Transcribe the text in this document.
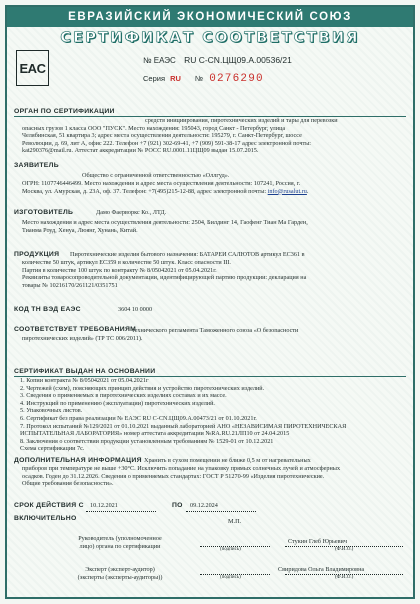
ЕВРАЗИЙСКИЙ ЭКОНОМИЧЕСКИЙ СОЮЗ
СЕРТИФИКАТ СООТВЕТСТВИЯ
EAC	№ ЕАЭС RU C-CN.ЦЩ09.А.00536/21
Серия RU № 0276290
ОРГАН ПО СЕРТИФИКАЦИИ

средств инициирования, пиротехнических изделий и тары для перевозки

опасных грузов 1 класса ООО "ПУСК". Место нахождения: 195043, город Санкт - Петербург, улица

Челябинская, 51 квартира 3; адрес места осуществления деятельности: 195279, г. Санкт-Петербург, шоссе

Революции, д. 69, лит А, офис 222. Телефон +7 (921) 302-69-41, +7 (909) 591-38-17 адрес электронной почты:

kat290376@mail.ru. Аттестат аккредитации № РОСС RU.0001.11ЦЩ09 выдан 15.07.2015.

ЗАЯВИТЕЛЬ

Общество с ограниченной ответственностью «Оллгуд».

ОГРН: 1107746446499. Место нахождения и адрес места осуществления деятельности: 107241, Россия, г.

Москва, ул. Амурская, д. 23А, оф. 37. Телефон: +7(495)215-12-88, адрес электронной почты: info@rusalut.ru.

ИЗГОТОВИТЕЛЬ	Дамо Фаерворкс Ко., ЛТД.

Место нахождения и адрес места осуществления деятельности: 2504, Билдинг 14, Гаофенг Тиан Ма Гарден,

Тианма Роуд, Хенуа, Люянг, Хунань, Китай.

ПРОДУКЦИЯ Пиротехнические изделия бытового назначения: БАТАРЕИ САЛЮТОВ артикул ЕС361 в

количестве 50 штук, артикул ЕС359 в количестве 50 штук. Класс опасности III.

Партия в количестве 100 штук по контракту № 8/05042021 от 05.04.2021г.

Реквизиты товаросопроводительной документации, идентифицирующей партию продукции: декларация на

товары № 10216170/261121/0351751

КОД ТН ВЭД ЕАЭС	3604 10 0000

СООТВЕТСТВУЕТ ТРЕБОВАНИЯМ

технического регламента Таможенного союза «О безопасности

пиротехнических изделий» (ТР ТС 006/2011).

СЕРТИФИКАТ ВЫДАН НА ОСНОВАНИИ

1. Копии контракта № 8/05042021 от 05.04.2021г

2. Чертежей (схем), поясняющих принцип действия и устройство пиротехнических изделий.

3. Сведения о применяемых в пиротехнических изделиях составах и их массе.

4. Инструкций по применению (эксплуатации) пиротехнических изделий.

5. Упаковочных листов.

6. Сертификат без права реализации № ЕАЭС RU C-CN.ЦЩ09.А.00473/21 от 01.10.2021г.

7. Протокол испытаний №129/2021 от 01.10.2021 выданный лабораторией АНО «НЕЗАВИСИМАЯ ПИРОТЕХНИЧЕСКАЯ

ИСПЫТАТЕЛЬНАЯ ЛАБОРАТОРИЯ» номер аттестата аккредитации №RA.RU.21ЛП10 от 24.04.2015

8. Заключения о соответствии продукции установленным требованиям № 1529-01 от 10.12.2021

Схема сертификации 7с.

ДОПОЛНИТЕЛЬНАЯ ИНФОРМАЦИЯ Хранить в сухом помещении не ближе 0,5 м от нагревательных

приборов при температуре не выше +30°С. Исключить попадание на упаковку прямых солнечных лучей и атмосферных

осадков. Годен до 31.12.2026. Сведения о применяемых стандартах: ГОСТ Р 51270-99 «Изделия пиротехнические.

Общие требования безопасности».

СРОК ДЕЙСТВИЯ С 10.12.2021	ПО 09.12.2024

ВКЛЮЧИТЕЛЬНО

Руководитель (уполномоченное

лицо) органа по сертификации	(подпись)

Стукин Глеб Юрьевич

(Ф.И.О.)

Эксперт (эксперт-аудитор)

(эксперты (эксперты-аудиторы))	(подпись)

Свиридова Ольга Владимировна

(Ф.И.О.)
М.П.
